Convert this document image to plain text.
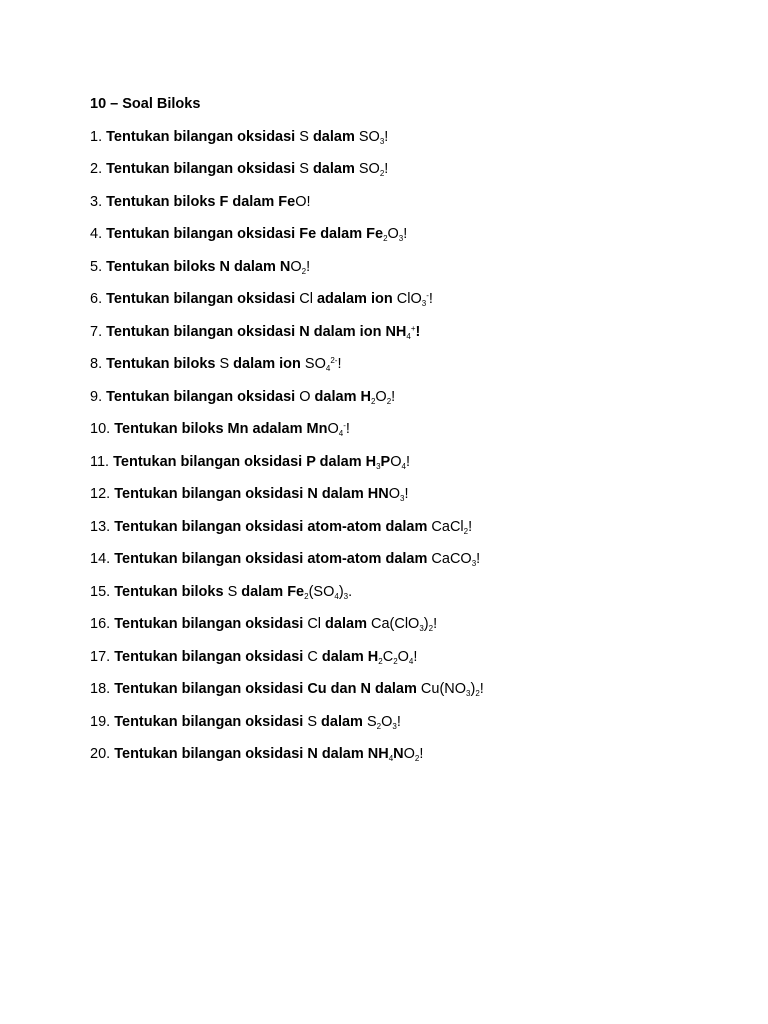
10 – Soal Biloks
1. Tentukan bilangan oksidasi S dalam $SO_3$!
2. Tentukan bilangan oksidasi S dalam $SO_2$!
3. Tentukan biloks F dalam FeO!
4. Tentukan bilangan oksidasi Fe dalam $Fe_2O_3$!
5. Tentukan biloks N dalam $NO_2$!
6. Tentukan bilangan oksidasi Cl adalam ion ClO$_3$-!
7. Tentukan bilangan oksidasi N dalam ion $NH_4^+$!
8. Tentukan biloks S dalam ion $SO_4^{2-}$!
9. Tentukan bilangan oksidasi O dalam $H_2O_2$!
10. Tentukan biloks Mn adalam MnO$_4$-!
11. Tentukan bilangan oksidasi P dalam $H_3PO_4$!
12. Tentukan bilangan oksidasi N dalam $HNO_3$!
13. Tentukan bilangan oksidasi atom-atom dalam CaCl$_2$!
14. Tentukan bilangan oksidasi atom-atom dalam CaCO$_3$!
15. Tentukan biloks S dalam $Fe_2(SO_4)_3$.
16. Tentukan bilangan oksidasi Cl dalam $Ca(ClO_3)_2$!
17. Tentukan bilangan oksidasi C dalam $H_2C_2O_4$!
18. Tentukan bilangan oksidasi Cu dan N dalam $Cu(NO_3)_2$!
19. Tentukan bilangan oksidasi S dalam $S_2O_3$!
20. Tentukan bilangan oksidasi N dalam $NH_4NO_2$!
